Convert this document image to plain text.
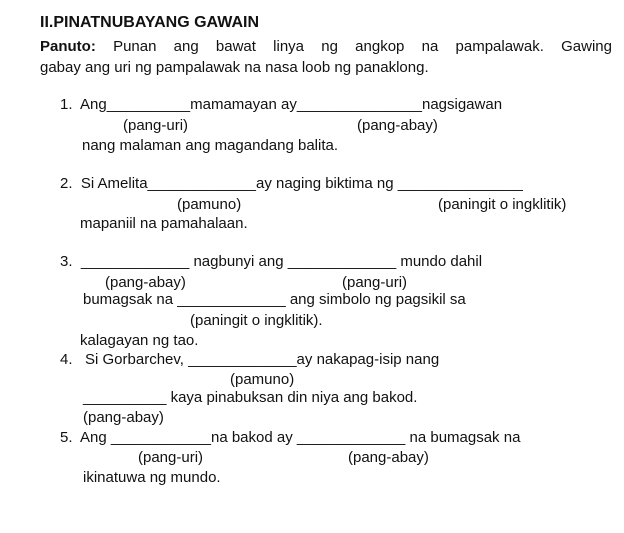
II.PINATNUBAYANG GAWAIN
Panuto: Punan ang bawat linya ng angkop na pampalawak. Gawing
gabay ang uri ng pampalawak na nasa loob ng panaklong.
1.  Ang__________mamamayan ay_______________nagsigawan
(pang-uri)	(pang-abay)
nang malaman ang magandang balita.
2.  Si Amelita_____________ay naging biktima ng _______________
(pamuno)	(paningit o ingklitik)
mapaniil na pamahalaan.
3.  _____________ nagbunyi ang _____________ mundo dahil
(pang-abay)	(pang-uri)
bumagsak na _____________ ang simbolo ng pagsikil sa
(paningit o ingklitik).
kalagayan ng tao.
4.   Si Gorbarchev, _____________ay nakapag-isip nang
(pamuno)
__________ kaya pinabuksan din niya ang bakod.
(pang-abay)
5.  Ang ____________na bakod ay _____________ na bumagsak na
(pang-uri)	(pang-abay)
ikinatuwa ng mundo.
